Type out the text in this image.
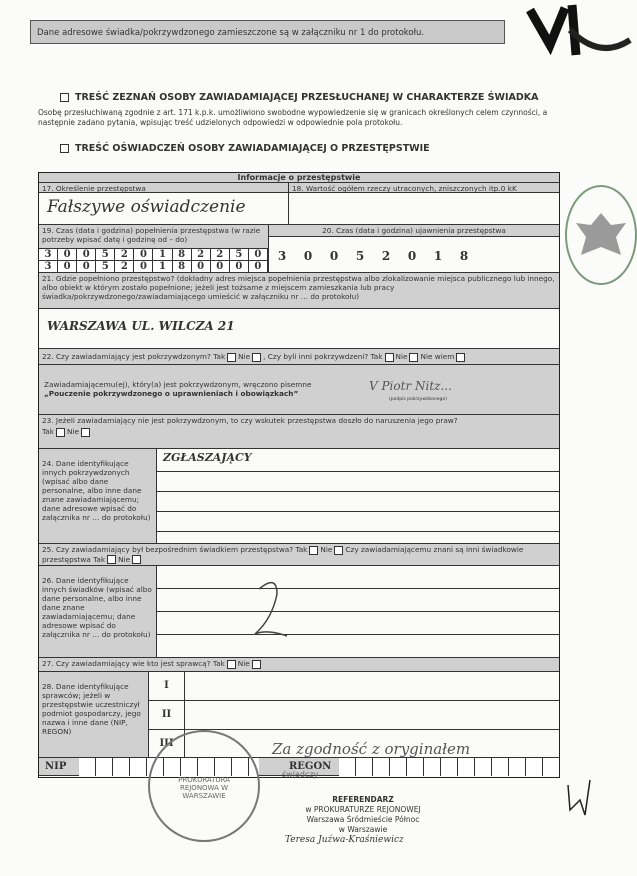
Dane adresowe świadka/pokrzywdzonego zamieszczone są w załączniku nr 1 do protokołu.
TREŚĆ ZEZNAŃ OSOBY ZAWIADAMIAJĄCEJ PRZESŁUCHANEJ W CHARAKTERZE ŚWIADKA
Osobę przesłuchiwaną zgodnie z art. 171 k.p.k. umożliwiono swobodne wypowiedzenie się w granicach określonych celem czynności, a następnie zadano pytania, wpisując treść udzielonych odpowiedzi w odpowiednie pola protokołu.
TREŚĆ OŚWIADCZEŃ OSOBY ZAWIADAMIAJĄCEJ O PRZESTĘPSTWIE
Informacje o przestępstwie
17. Określenie przestępstwa	18. Wartość ogółem rzeczy utraconych, zniszczonych itp.0 kK
Fałszywe oświadczenie
19. Czas (data i godzina) popełnienia przestępstwa (w razie potrzeby wpisać datę i godzinę od – do)
3	0	0	5	2	0	1	8	2	2	5	0
3	0	0	5	2	0	1	8	0	0	0	0
20. Czas (data i godzina) ujawnienia przestępstwa
3	0	0	5	2	0	1	8
21. Gdzie popełniono przestępstwo? (dokładny adres miejsca popełnienia przestępstwa albo zlokalizowanie miejsca publicznego lub innego, albo obiekt w którym zostało popełnione; jeżeli jest tożsame z miejscem zamieszkania lub pracy świadka/pokrzywdzonego/zawiadamiającego umieścić w załączniku nr … do protokołu)
WARSZAWA UL. WILCZA 21
22. Czy zawiadamiający jest pokrzywdzonym? Tak Nie , Czy byli inni pokrzywdzeni? Tak Nie Nie wiem
Zawiadamiającemu(ej), który(a) jest pokrzywdzonym, wręczono pisemne
„Pouczenie pokrzywdzonego o uprawnieniach i obowiązkach”
V Piotr Nitz...
(podpis pokrzywdzonego)
23. Jeżeli zawiadamiający nie jest pokrzywdzonym, to czy wskutek przestępstwa doszło do naruszenia jego praw?
Tak Nie
24. Dane identyfikujące innych pokrzywdzonych (wpisać albo dane personalne, albo inne dane znane zawiadamiającemu; dane adresowe wpisać do załącznika nr … do protokołu)
ZGŁASZAJĄCY
25. Czy zawiadamiający był bezpośrednim świadkiem przestępstwa? Tak Nie Czy zawiadamiającemu znani są inni świadkowie przestępstwa Tak Nie
26. Dane identyfikujące innych świadków (wpisać albo dane personalne, albo inne dane znane zawiadamiającemu; dane adresowe wpisać do załącznika nr … do protokołu)
27. Czy zawiadamiający wie kto jest sprawcą? Tak Nie
28. Dane identyfikujące sprawców; jeżeli w przestępstwie uczestniczył podmiot gospodarczy, jego nazwa i inne dane (NIP, REGON)
I
II
III
NIP	REGON
Za zgodność z oryginałem
świadczy
PROKURATURA REJONOWA W WARSZAWIE	REFERENDARZ
w PROKURATURZE REJONOWEJ
Warszawa Śródmieście Północ
w Warszawie
Teresa Juźwa-Kraśniewicz
